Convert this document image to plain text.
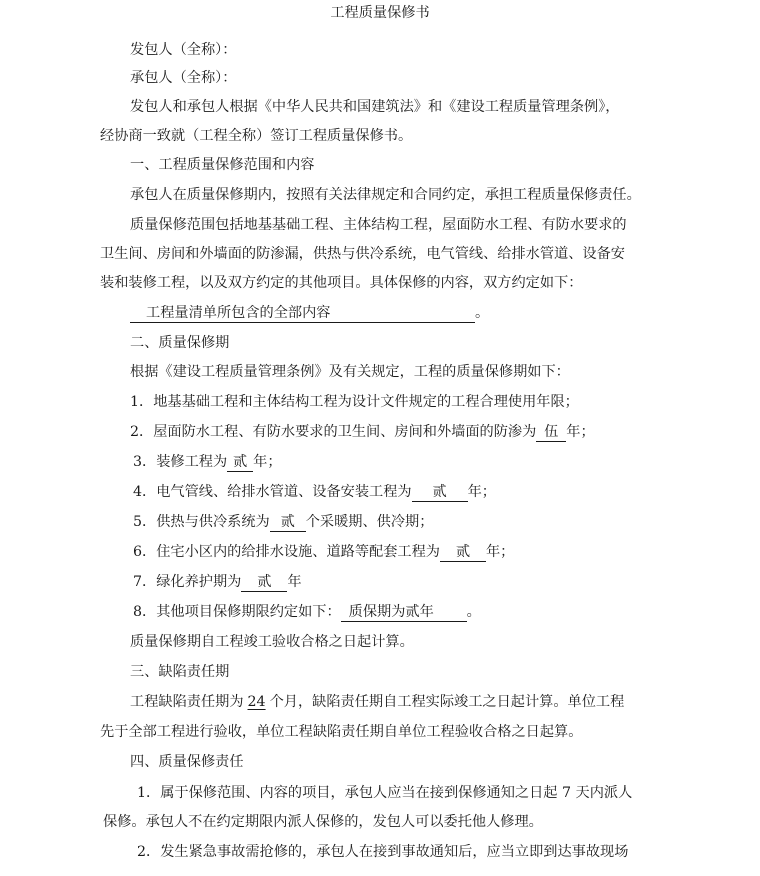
工程质量保修书
发包人（全称）：
承包人（全称）：
发包人和承包人根据《中华人民共和国建筑法》和《建设工程质量管理条例》，
经协商一致就（工程全称）签订工程质量保修书。
一、工程质量保修范围和内容
承包人在质量保修期内，按照有关法律规定和合同约定，承担工程质量保修责任。
质量保修范围包括地基基础工程、主体结构工程，屋面防水工程、有防水要求的
卫生间、房间和外墙面的防渗漏，供热与供冷系统，电气管线、给排水管道、设备安
装和装修工程，以及双方约定的其他项目。具体保修的内容，双方约定如下：
工程量清单所包含的全部内容	。
二、质量保修期
根据《建设工程质量管理条例》及有关规定，工程的质量保修期如下：
1．地基基础工程和主体结构工程为设计文件规定的工程合理使用年限；
2．屋面防水工程、有防水要求的卫生间、房间和外墙面的防渗为 伍 年；
3．装修工程为 贰 年；
4．电气管线、给排水管道、设备安装工程为 贰 年；
5．供热与供冷系统为 贰 个采暖期、供冷期；
6．住宅小区内的给排水设施、道路等配套工程为 贰 年；
7．绿化养护期为 贰 年
8．其他项目保修期限约定如下： 质保期为贰年 。
质量保修期自工程竣工验收合格之日起计算。
三、缺陷责任期
工程缺陷责任期为 24 个月，缺陷责任期自工程实际竣工之日起计算。单位工程
先于全部工程进行验收，单位工程缺陷责任期自单位工程验收合格之日起算。
四、质量保修责任
1．属于保修范围、内容的项目，承包人应当在接到保修通知之日起 7 天内派人
保修。承包人不在约定期限内派人保修的，发包人可以委托他人修理。
2．发生紧急事故需抢修的，承包人在接到事故通知后，应当立即到达事故现场
